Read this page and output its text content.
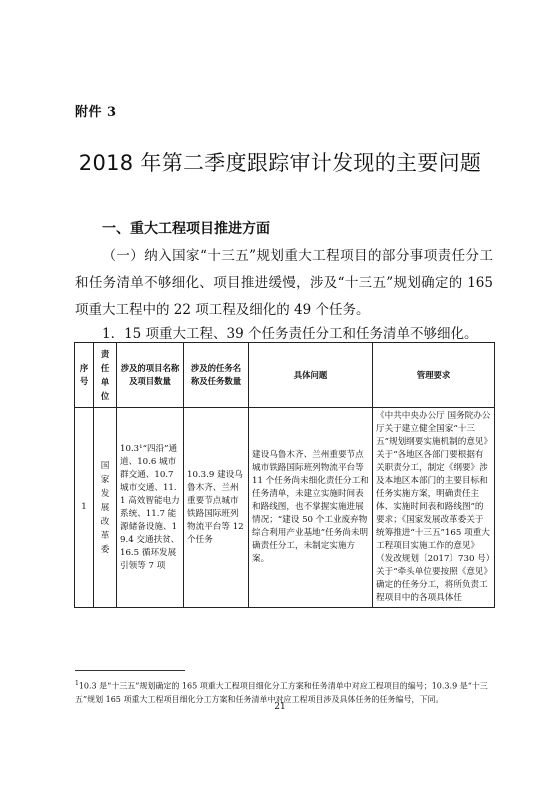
附件 3
2018 年第二季度跟踪审计发现的主要问题
一、重大工程项目推进方面
（一）纳入国家“十三五”规划重大工程项目的部分事项责任分工和任务清单不够细化、项目推进缓慢，涉及“十三五”规划确定的 165 项重大工程中的 22 项工程及细化的 49 个任务。
1．15 项重大工程、39 个任务责任分工和任务清单不够细化。
序号	责任单位	涉及的项目名称及项目数量	涉及的任务名称及任务数量	具体问题	管理要求
1	国家发展改革委	10.3¹“四沿”通道、10.6 城市群交通、10.7 城市交通、11.1 高效智能电力系统、11.7 能源储备设施、19.4 交通扶贫、16.5 循环发展引领等 7 项	10.3.9 建设乌鲁木齐、兰州重要节点城市铁路国际班列物流平台等 12 个任务	建设乌鲁木齐、兰州重要节点城市铁路国际班列物流平台等 11 个任务尚未细化责任分工和任务清单，未建立实施时间表和路线图，也不掌握实施进展情况；“建设 50 个工业废弃物综合利用产业基地”任务尚未明确责任分工，未制定实施方案。	《中共中央办公厅 国务院办公厅关于建立健全国家“十三五”规划纲要实施机制的意见》关于“各地区各部门要根据有关职责分工，制定《纲要》涉及本地区本部门的主要目标和任务实施方案，明确责任主体、实施时间表和路线图”的要求；《国家发展改革委关于统筹推进“十三五”165 项重大工程项目实施工作的意见》（发改规划〔2017〕730 号）关于“牵头单位要按照《意见》确定的任务分工，将所负责工程项目中的各项具体任
$^1$10.3 是“十三五”规划确定的 165 项重大工程项目细化分工方案和任务清单中对应工程项目的编号；10.3.9 是“十三五”规划 165 项重大工程项目细化分工方案和任务清单中对应工程项目涉及具体任务的任务编号，下同。
21
